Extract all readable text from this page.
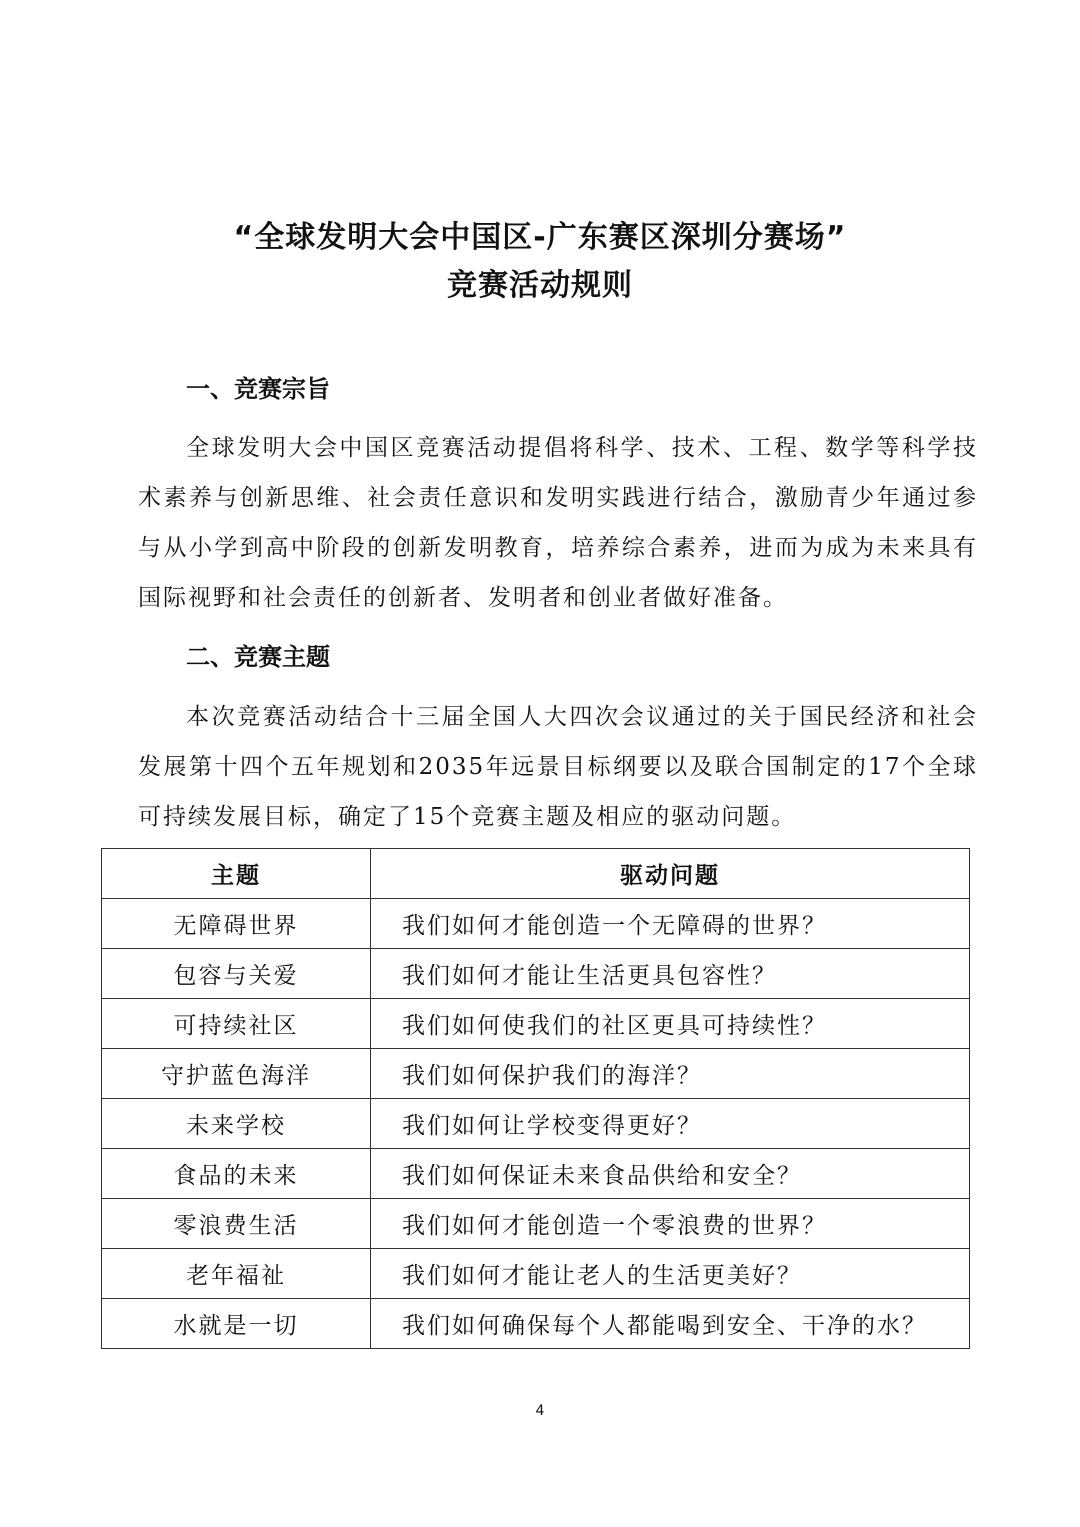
“全球发明大会中国区-广东赛区深圳分赛场”
竞赛活动规则
一、竞赛宗旨

全球发明大会中国区竞赛活动提倡将科学、技术、工程、数学等科学技术素养与创新思维、社会责任意识和发明实践进行结合，激励青少年通过参与从小学到高中阶段的创新发明教育，培养综合素养，进而为成为未来具有国际视野和社会责任的创新者、发明者和创业者做好准备。

二、竞赛主题

本次竞赛活动结合十三届全国人大四次会议通过的关于国民经济和社会发展第十四个五年规划和2035年远景目标纲要以及联合国制定的17个全球可持续发展目标，确定了15个竞赛主题及相应的驱动问题。

主题	驱动问题
无障碍世界	我们如何才能创造一个无障碍的世界？
包容与关爱	我们如何才能让生活更具包容性？
可持续社区	我们如何使我们的社区更具可持续性？
守护蓝色海洋	我们如何保护我们的海洋？
未来学校	我们如何让学校变得更好？
食品的未来	我们如何保证未来食品供给和安全？
零浪费生活	我们如何才能创造一个零浪费的世界？
老年福祉	我们如何才能让老人的生活更美好？
水就是一切	我们如何确保每个人都能喝到安全、干净的水？
4
